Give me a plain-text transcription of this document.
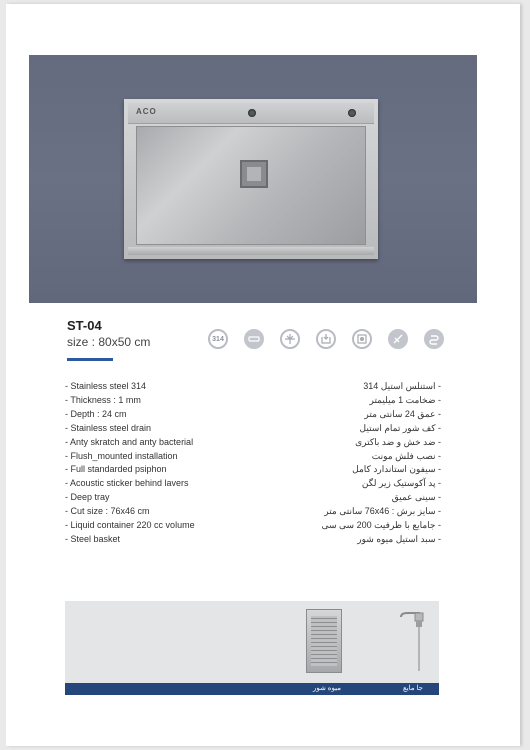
ACO
ST-04
size : 80x50 cm	314
- Stainless steel 314
- Thickness : 1 mm
- Depth : 24 cm
- Stainless steel drain
- Anty skratch and anty bacterial
- Flush_mounted installation
- Full standarded psiphon
- Acoustic sticker behind lavers
- Deep tray
- Cut size : 76x46 cm
- Liquid container 220 cc volume
- Steel basket
- استنلس استیل 314
- ضخامت 1 میلیمتر
- عمق 24 سانتی متر
- کف شور تمام استیل
- ضد خش و ضد باکتری
- نصب فلش مونت
- سیفون استاندارد کامل
- پد آکوستیک زیر لگن
- سینی عمیق
- سایز برش : 76x46 سانتی متر
- جامایع با ظرفیت 200 سی سی
- سبد استیل میوه شور
میوه شور	جا مایع
